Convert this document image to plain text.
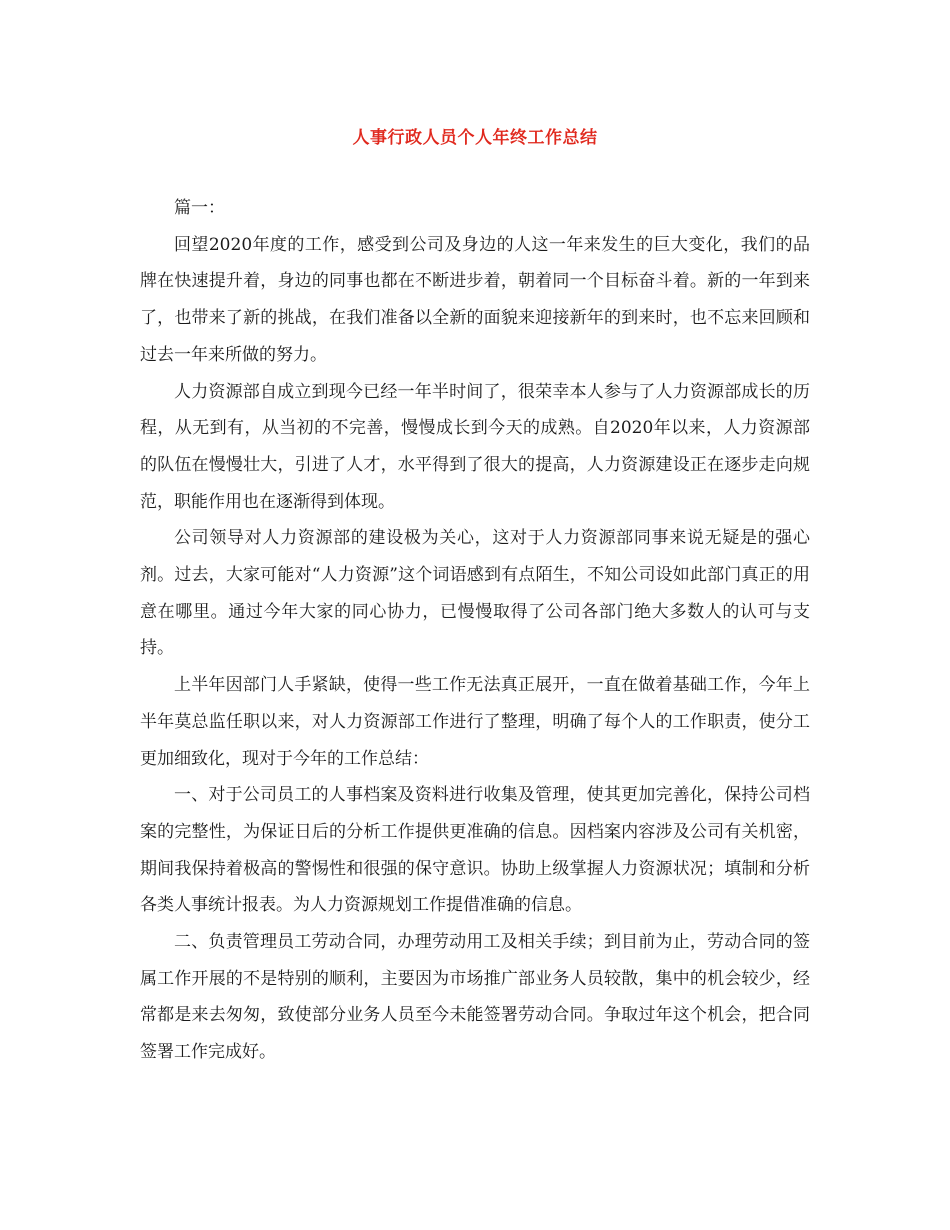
人事行政人员个人年终工作总结

篇一：

回望2020年度的工作，感受到公司及身边的人这一年来发生的巨大变化，我们的品牌在快速提升着，身边的同事也都在不断进步着，朝着同一个目标奋斗着。新的一年到来了，也带来了新的挑战，在我们准备以全新的面貌来迎接新年的到来时，也不忘来回顾和过去一年来所做的努力。

人力资源部自成立到现今已经一年半时间了，很荣幸本人参与了人力资源部成长的历程，从无到有，从当初的不完善，慢慢成长到今天的成熟。自2020年以来，人力资源部的队伍在慢慢壮大，引进了人才，水平得到了很大的提高，人力资源建设正在逐步走向规范，职能作用也在逐渐得到体现。

公司领导对人力资源部的建设极为关心，这对于人力资源部同事来说无疑是的强心剂。过去，大家可能对“人力资源”这个词语感到有点陌生，不知公司设如此部门真正的用意在哪里。通过今年大家的同心协力，已慢慢取得了公司各部门绝大多数人的认可与支持。

上半年因部门人手紧缺，使得一些工作无法真正展开，一直在做着基础工作，今年上半年莫总监任职以来，对人力资源部工作进行了整理，明确了每个人的工作职责，使分工更加细致化，现对于今年的工作总结：

一、对于公司员工的人事档案及资料进行收集及管理，使其更加完善化，保持公司档案的完整性，为保证日后的分析工作提供更准确的信息。因档案内容涉及公司有关机密，期间我保持着极高的警惕性和很强的保守意识。协助上级掌握人力资源状况；填制和分析各类人事统计报表。为人力资源规划工作提借准确的信息。

二、负责管理员工劳动合同，办理劳动用工及相关手续；到目前为止，劳动合同的签属工作开展的不是特别的顺利，主要因为市场推广部业务人员较散，集中的机会较少，经常都是来去匆匆，致使部分业务人员至今未能签署劳动合同。争取过年这个机会，把合同签署工作完成好。
